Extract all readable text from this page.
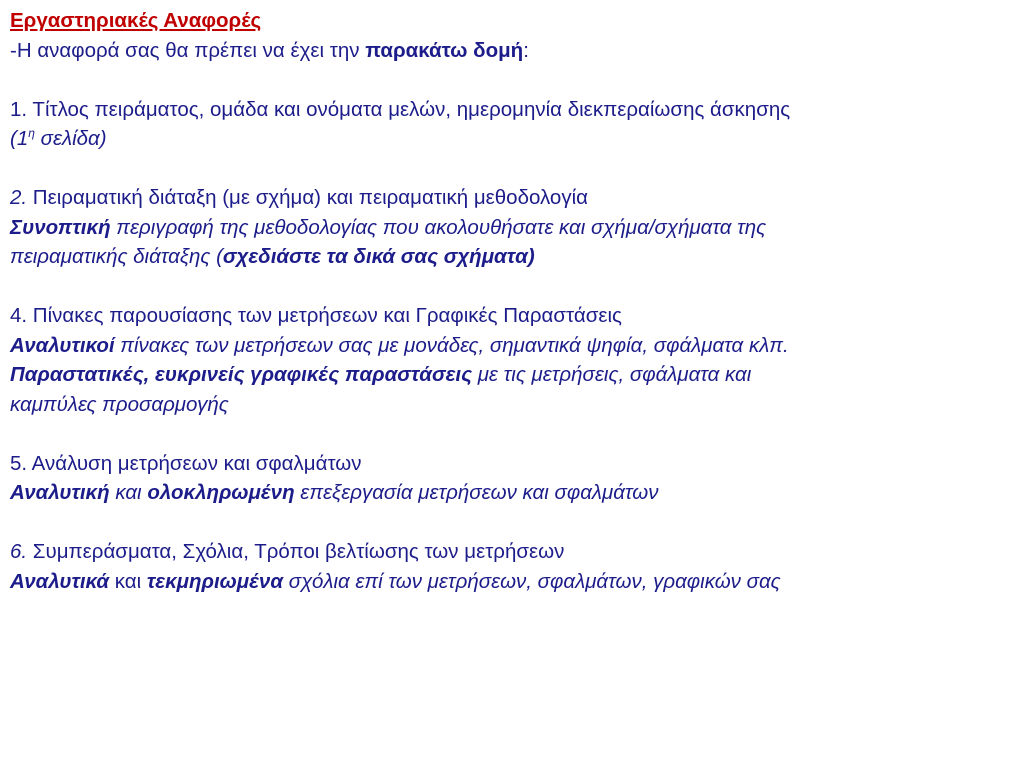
Εργαστηριακές Αναφορές
-Η αναφορά σας θα πρέπει να έχει την παρακάτω δομή:
1. Τίτλος πειράματος, ομάδα και ονόματα μελών, ημερομηνία διεκπεραίωσης άσκησης
($1^\eta$ σελίδα)
2. Πειραματική διάταξη (με σχήμα) και πειραματική μεθοδολογία
Συνοπτική περιγραφή της μεθοδολογίας που ακολουθήσατε και σχήμα/σχήματα της
πειραματικής διάταξης (σχεδιάστε τα δικά σας σχήματα)
4. Πίνακες παρουσίασης των μετρήσεων και Γραφικές Παραστάσεις
Αναλυτικοί πίνακες των μετρήσεων σας με μονάδες, σημαντικά ψηφία, σφάλματα κλπ.
Παραστατικές, ευκρινείς γραφικές παραστάσεις με τις μετρήσεις, σφάλματα και
καμπύλες προσαρμογής
5. Ανάλυση μετρήσεων και σφαλμάτων
Αναλυτική και ολοκληρωμένη επεξεργασία μετρήσεων και σφαλμάτων
6. Συμπεράσματα, Σχόλια, Τρόποι βελτίωσης των μετρήσεων
Αναλυτικά και τεκμηριωμένα σχόλια επί των μετρήσεων, σφαλμάτων, γραφικών σας
